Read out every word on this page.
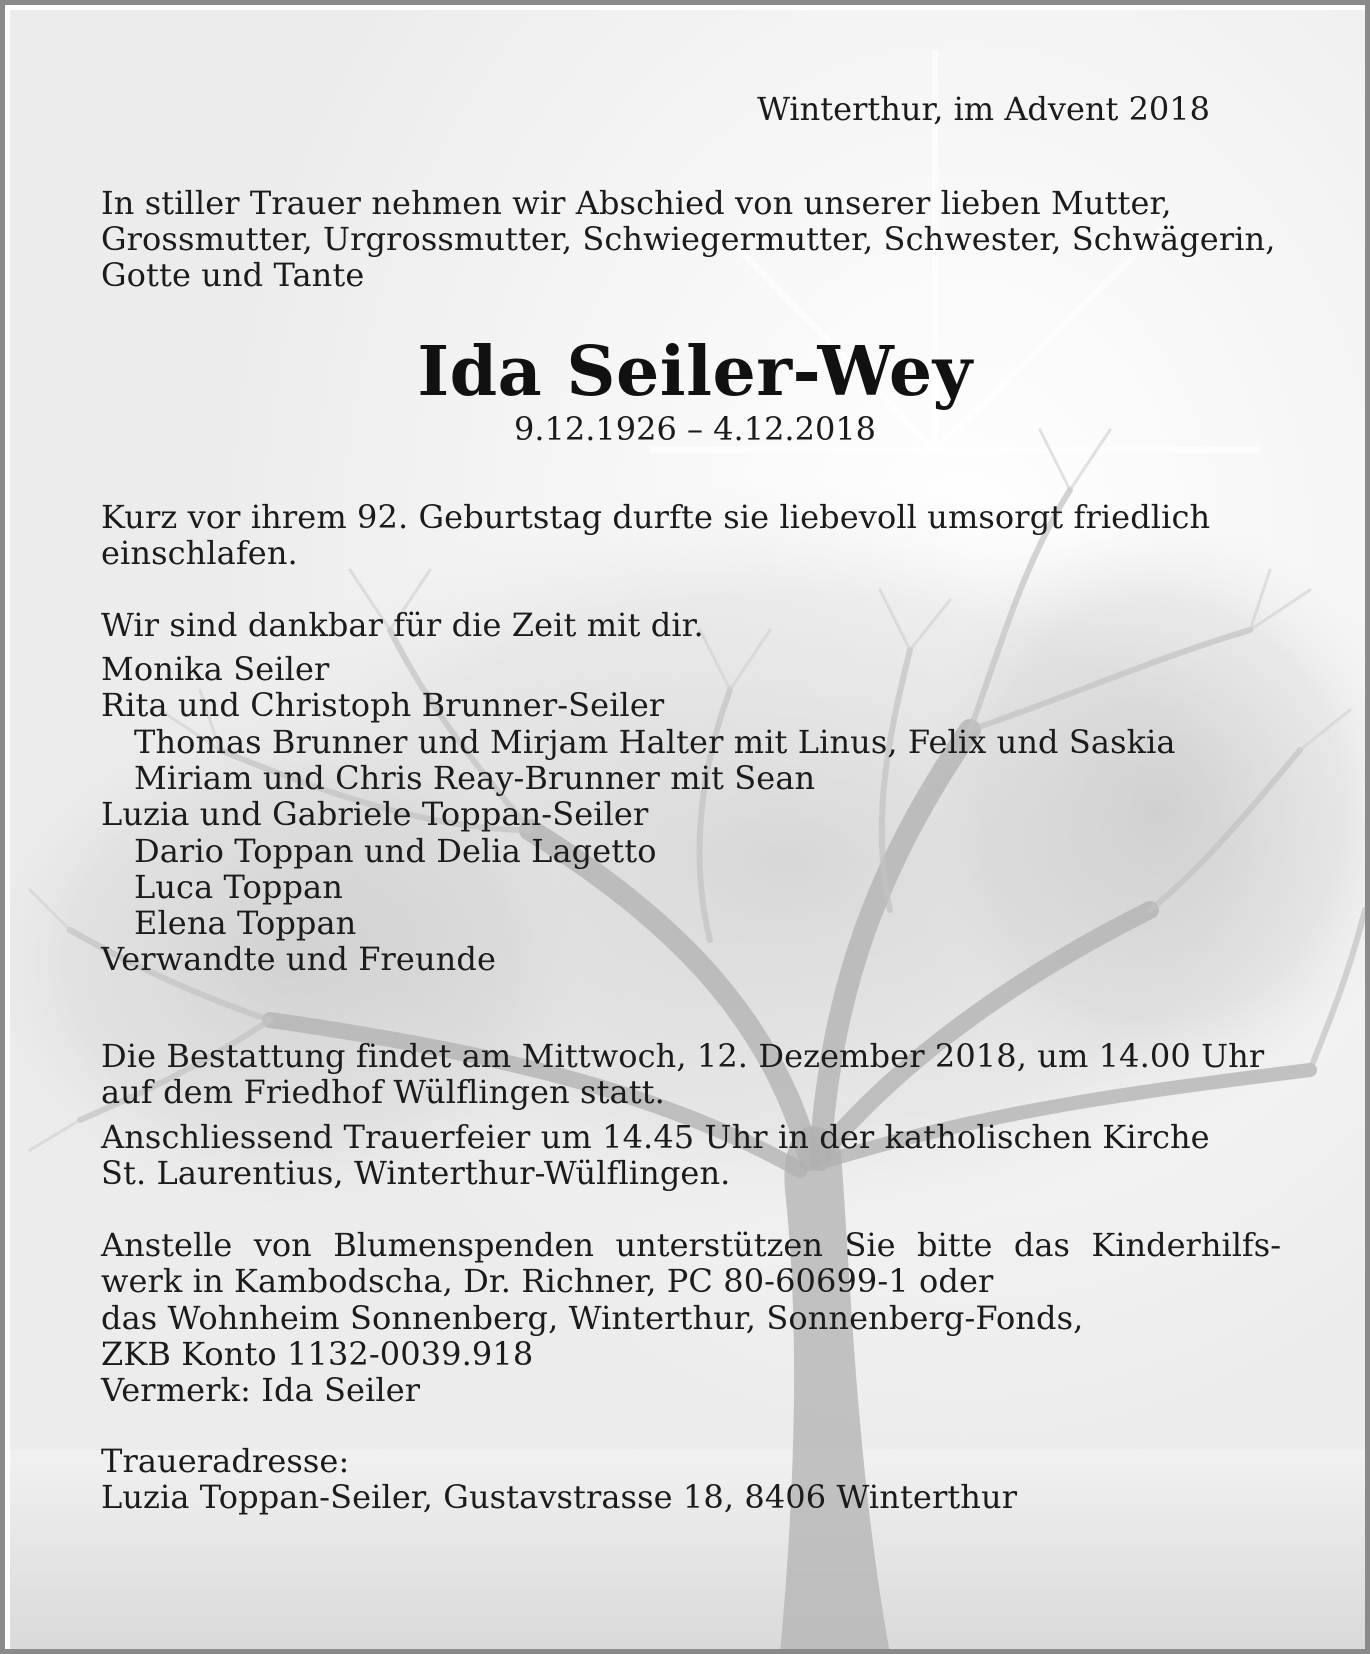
Winterthur, im Advent 2018
In stiller Trauer nehmen wir Abschied von unserer lieben Mutter,
Grossmutter, Urgrossmutter, Schwiegermutter, Schwester, Schwägerin,
Gotte und Tante
Ida Seiler-Wey
9.12.1926 – 4.12.2018
Kurz vor ihrem 92. Geburtstag durfte sie liebevoll umsorgt friedlich
einschlafen.
Wir sind dankbar für die Zeit mit dir.
Monika Seiler
Rita und Christoph Brunner-Seiler
Thomas Brunner und Mirjam Halter mit Linus, Felix und Saskia
Miriam und Chris Reay-Brunner mit Sean
Luzia und Gabriele Toppan-Seiler
Dario Toppan und Delia Lagetto
Luca Toppan
Elena Toppan
Verwandte und Freunde
Die Bestattung findet am Mittwoch, 12. Dezember 2018, um 14.00 Uhr
auf dem Friedhof Wülflingen statt.
Anschliessend Trauerfeier um 14.45 Uhr in der katholischen Kirche
St. Laurentius, Winterthur-Wülflingen.
Anstelle von Blumenspenden unterstützen Sie bitte das Kinderhilfs-
werk in Kambodscha, Dr. Richner, PC 80-60699-1 oder
das Wohnheim Sonnenberg, Winterthur, Sonnenberg-Fonds,
ZKB Konto 1132-0039.918
Vermerk: Ida Seiler
Traueradresse:
Luzia Toppan-Seiler, Gustavstrasse 18, 8406 Winterthur
